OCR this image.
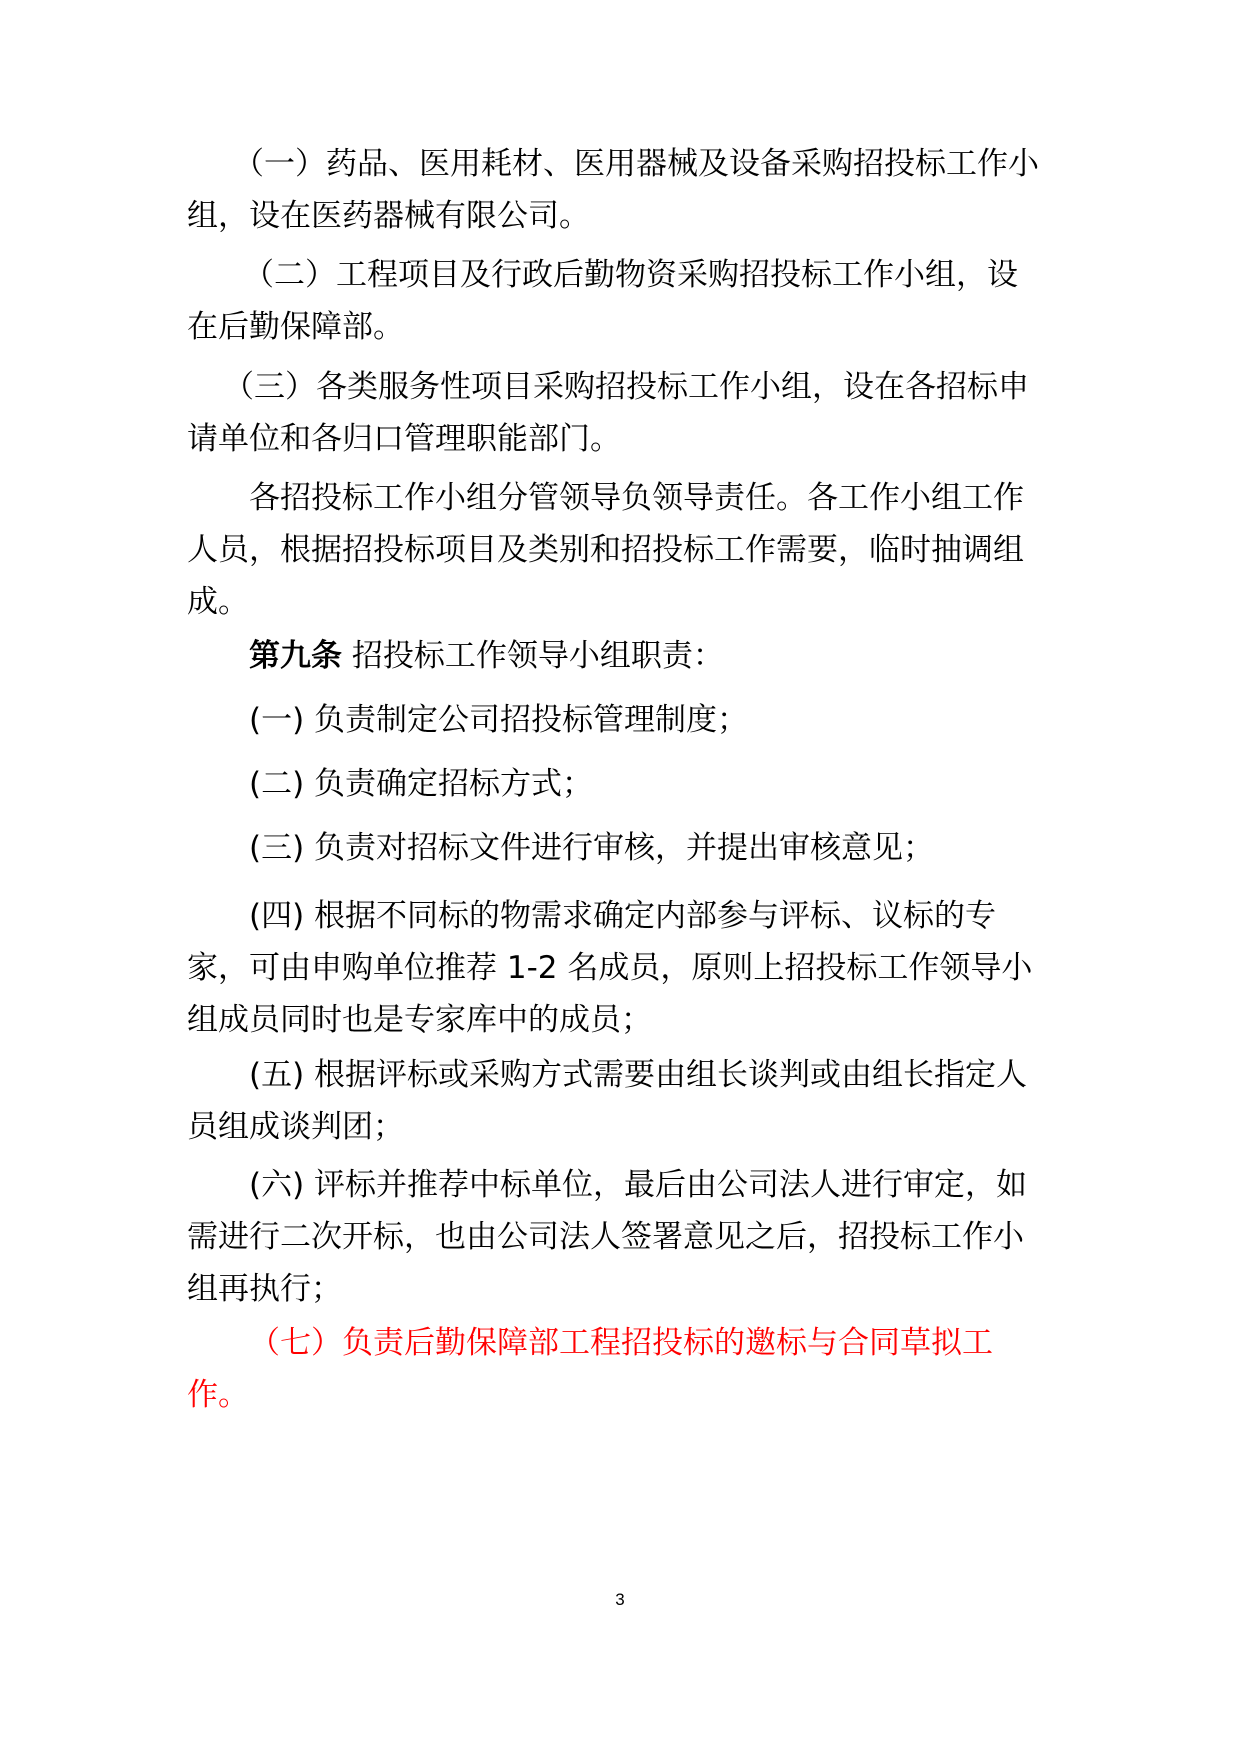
（一）药品、医用耗材、医用器械及设备采购招投标工作小组，设在医药器械有限公司。

（二）工程项目及行政后勤物资采购招投标工作小组，设在后勤保障部。

（三）各类服务性项目采购招投标工作小组，设在各招标申请单位和各归口管理职能部门。

各招投标工作小组分管领导负领导责任。各工作小组工作人员，根据招投标项目及类别和招投标工作需要，临时抽调组成。

第九条 招投标工作领导小组职责：

(一) 负责制定公司招投标管理制度；

(二) 负责确定招标方式；

(三) 负责对招标文件进行审核，并提出审核意见；

(四) 根据不同标的物需求确定内部参与评标、议标的专家，可由申购单位推荐 1-2 名成员，原则上招投标工作领导小组成员同时也是专家库中的成员；

(五) 根据评标或采购方式需要由组长谈判或由组长指定人员组成谈判团；

(六) 评标并推荐中标单位，最后由公司法人进行审定，如需进行二次开标，也由公司法人签署意见之后，招投标工作小组再执行；

（七）负责后勤保障部工程招投标的邀标与合同草拟工作。

3
